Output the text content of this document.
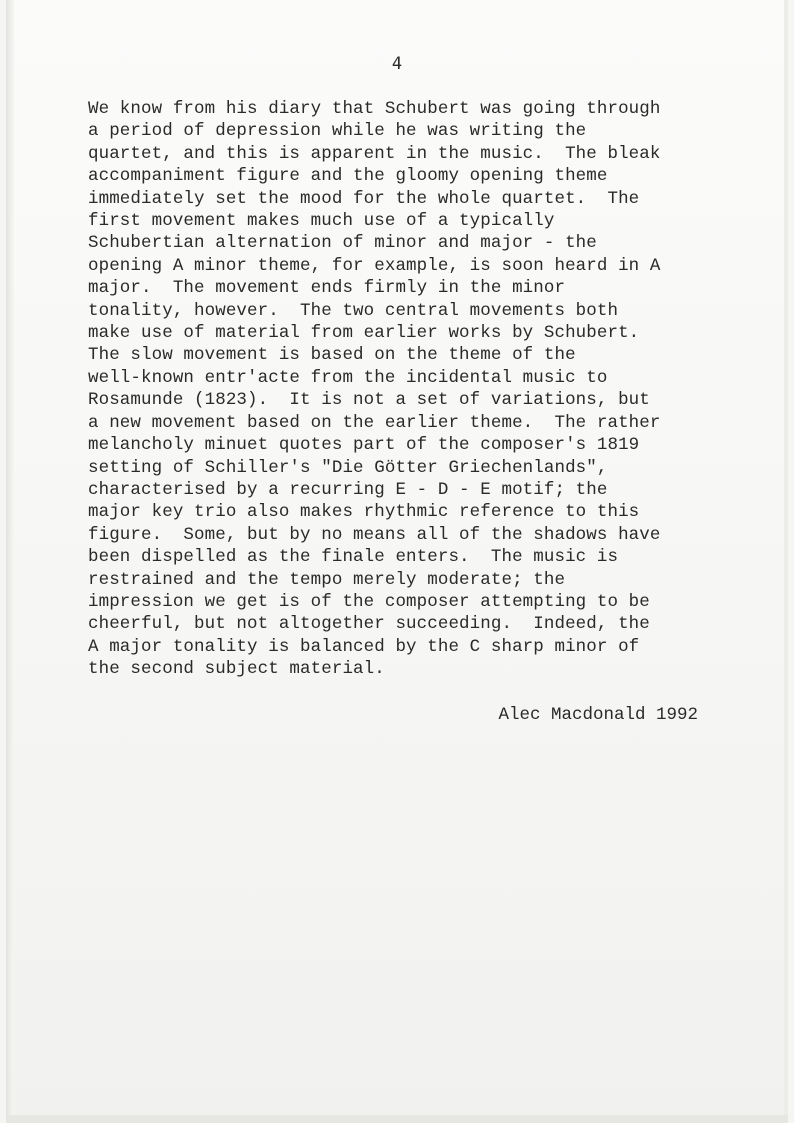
4
We know from his diary that Schubert was going through
a period of depression while he was writing the
quartet, and this is apparent in the music.  The bleak
accompaniment figure and the gloomy opening theme
immediately set the mood for the whole quartet.  The
first movement makes much use of a typically
Schubertian alternation of minor and major - the
opening A minor theme, for example, is soon heard in A
major.  The movement ends firmly in the minor
tonality, however.  The two central movements both
make use of material from earlier works by Schubert.
The slow movement is based on the theme of the
well-known entr'acte from the incidental music to
Rosamunde (1823).  It is not a set of variations, but
a new movement based on the earlier theme.  The rather
melancholy minuet quotes part of the composer's 1819
setting of Schiller's "Die Götter Griechenlands",
characterised by a recurring E - D - E motif; the
major key trio also makes rhythmic reference to this
figure.  Some, but by no means all of the shadows have
been dispelled as the finale enters.  The music is
restrained and the tempo merely moderate; the
impression we get is of the composer attempting to be
cheerful, but not altogether succeeding.  Indeed, the
A major tonality is balanced by the C sharp minor of
the second subject material.
Alec Macdonald 1992
